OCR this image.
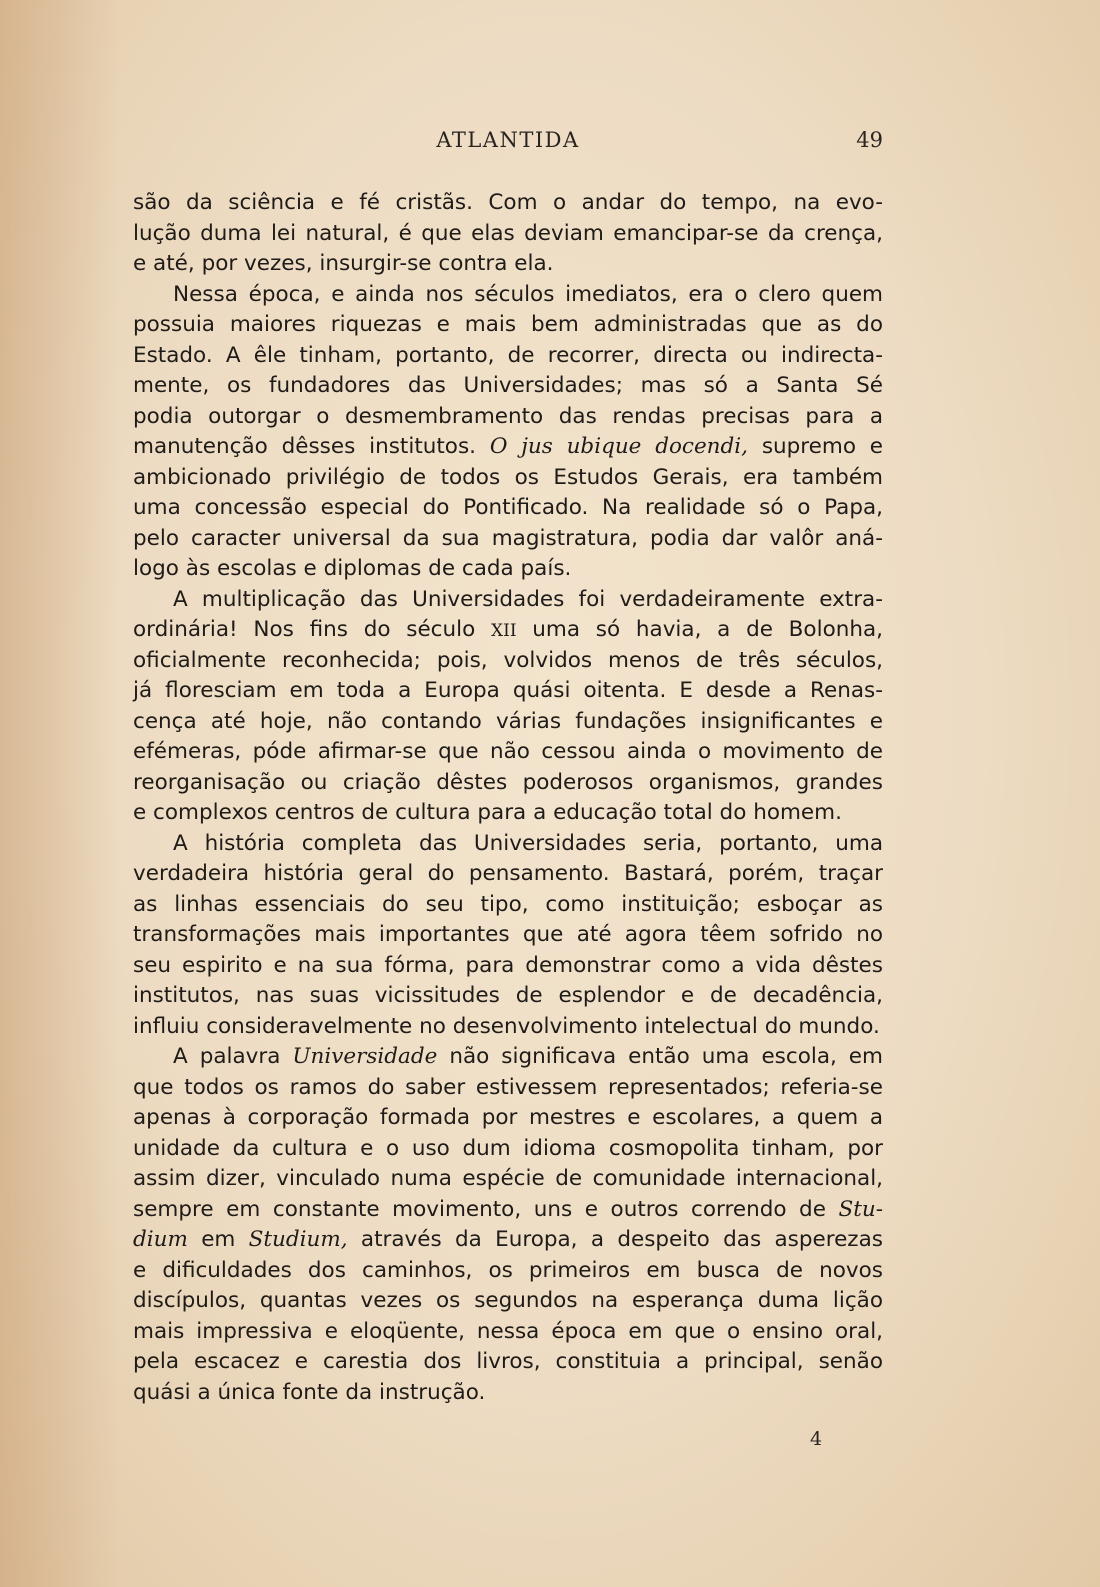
ATLANTIDA	49
são da sciência e fé cristãs. Com o andar do tempo, na evo-
lução duma lei natural, é que elas deviam emancipar-se da crença,
e até, por vezes, insurgir-se contra ela.
Nessa época, e ainda nos séculos imediatos, era o clero quem
possuia maiores riquezas e mais bem administradas que as do
Estado. A êle tinham, portanto, de recorrer, directa ou indirecta-
mente, os fundadores das Universidades; mas só a Santa Sé
podia outorgar o desmembramento das rendas precisas para a
manutenção dêsses institutos. O jus ubique docendi, supremo e
ambicionado privilégio de todos os Estudos Gerais, era também
uma concessão especial do Pontificado. Na realidade só o Papa,
pelo caracter universal da sua magistratura, podia dar valôr aná-
logo às escolas e diplomas de cada país.
A multiplicação das Universidades foi verdadeiramente extra-
ordinária! Nos fins do século XII uma só havia, a de Bolonha,
oficialmente reconhecida; pois, volvidos menos de três séculos,
já floresciam em toda a Europa quási oitenta. E desde a Renas-
cença até hoje, não contando várias fundações insignificantes e
efémeras, póde afirmar-se que não cessou ainda o movimento de
reorganisação ou criação dêstes poderosos organismos, grandes
e complexos centros de cultura para a educação total do homem.
A história completa das Universidades seria, portanto, uma
verdadeira história geral do pensamento. Bastará, porém, traçar
as linhas essenciais do seu tipo, como instituição; esboçar as
transformações mais importantes que até agora têem sofrido no
seu espirito e na sua fórma, para demonstrar como a vida dêstes
institutos, nas suas vicissitudes de esplendor e de decadência,
influiu consideravelmente no desenvolvimento intelectual do mundo.
A palavra Universidade não significava então uma escola, em
que todos os ramos do saber estivessem representados; referia-se
apenas à corporação formada por mestres e escolares, a quem a
unidade da cultura e o uso dum idioma cosmopolita tinham, por
assim dizer, vinculado numa espécie de comunidade internacional,
sempre em constante movimento, uns e outros correndo de Stu-
dium em Studium, através da Europa, a despeito das asperezas
e dificuldades dos caminhos, os primeiros em busca de novos
discípulos, quantas vezes os segundos na esperança duma lição
mais impressiva e eloqüente, nessa época em que o ensino oral,
pela escacez e carestia dos livros, constituia a principal, senão
quási a única fonte da instrução.
4
